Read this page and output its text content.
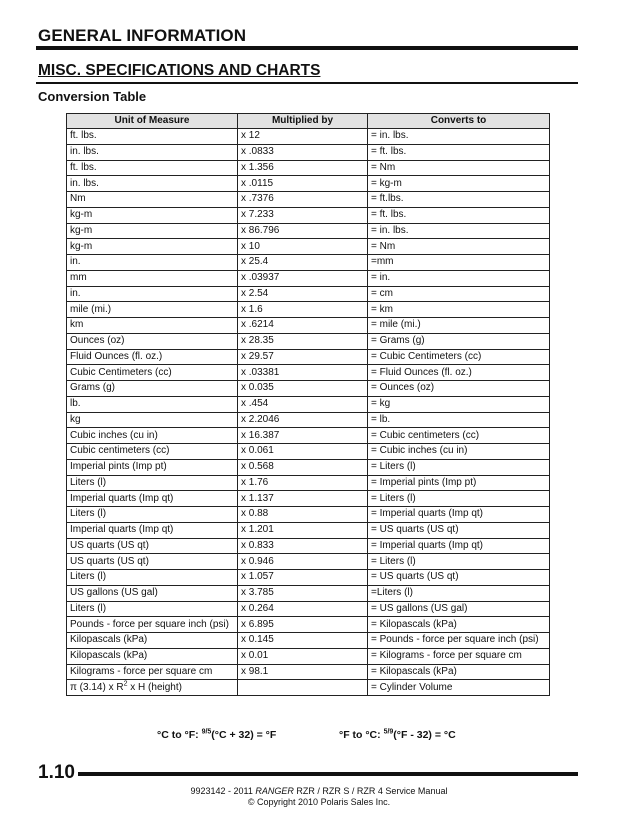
GENERAL INFORMATION
MISC. SPECIFICATIONS AND CHARTS
Conversion Table
Unit of Measure	Multiplied by	Converts to
ft. lbs.	x 12	= in. lbs.
in. lbs.	x .0833	= ft. lbs.
ft. lbs.	x 1.356	= Nm
in. lbs.	x .0115	= kg-m
Nm	x .7376	= ft.lbs.
kg-m	x 7.233	= ft. lbs.
kg-m	x 86.796	= in. lbs.
kg-m	x 10	= Nm
in.	x 25.4	=mm
mm	x .03937	= in.
in.	x 2.54	= cm
mile (mi.)	x 1.6	= km
km	x .6214	= mile (mi.)
Ounces (oz)	x 28.35	= Grams (g)
Fluid Ounces (fl. oz.)	x 29.57	= Cubic Centimeters (cc)
Cubic Centimeters (cc)	x .03381	= Fluid Ounces (fl. oz.)
Grams (g)	x 0.035	= Ounces (oz)
lb.	x .454	= kg
kg	x 2.2046	= lb.
Cubic inches (cu in)	x 16.387	= Cubic centimeters (cc)
Cubic centimeters (cc)	x 0.061	= Cubic inches (cu in)
Imperial pints (Imp pt)	x 0.568	= Liters (l)
Liters (l)	x 1.76	= Imperial pints (Imp pt)
Imperial quarts (Imp qt)	x 1.137	= Liters (l)
Liters (l)	x 0.88	= Imperial quarts (Imp qt)
Imperial quarts (Imp qt)	x 1.201	= US quarts (US qt)
US quarts (US qt)	x 0.833	= Imperial quarts (Imp qt)
US quarts (US qt)	x 0.946	= Liters (l)
Liters (l)	x 1.057	= US quarts (US qt)
US gallons (US gal)	x 3.785	=Liters (l)
Liters (l)	x 0.264	= US gallons (US gal)
Pounds - force per square inch (psi)	x 6.895	= Kilopascals (kPa)
Kilopascals (kPa)	x 0.145	= Pounds - force per square inch (psi)
Kilopascals (kPa)	x 0.01	= Kilograms - force per square cm
Kilograms - force per square cm	x 98.1	= Kilopascals (kPa)
π (3.14) x $R^2$ x H (height)		= Cylinder Volume
°C to °F: $^{9/5}$(°C + 32) = °F	°F to °C: $^{5/9}$(°F - 32) = °C
1.10
9923142 - 2011 RANGER RZR / RZR S / RZR 4 Service Manual
© Copyright 2010 Polaris Sales Inc.
